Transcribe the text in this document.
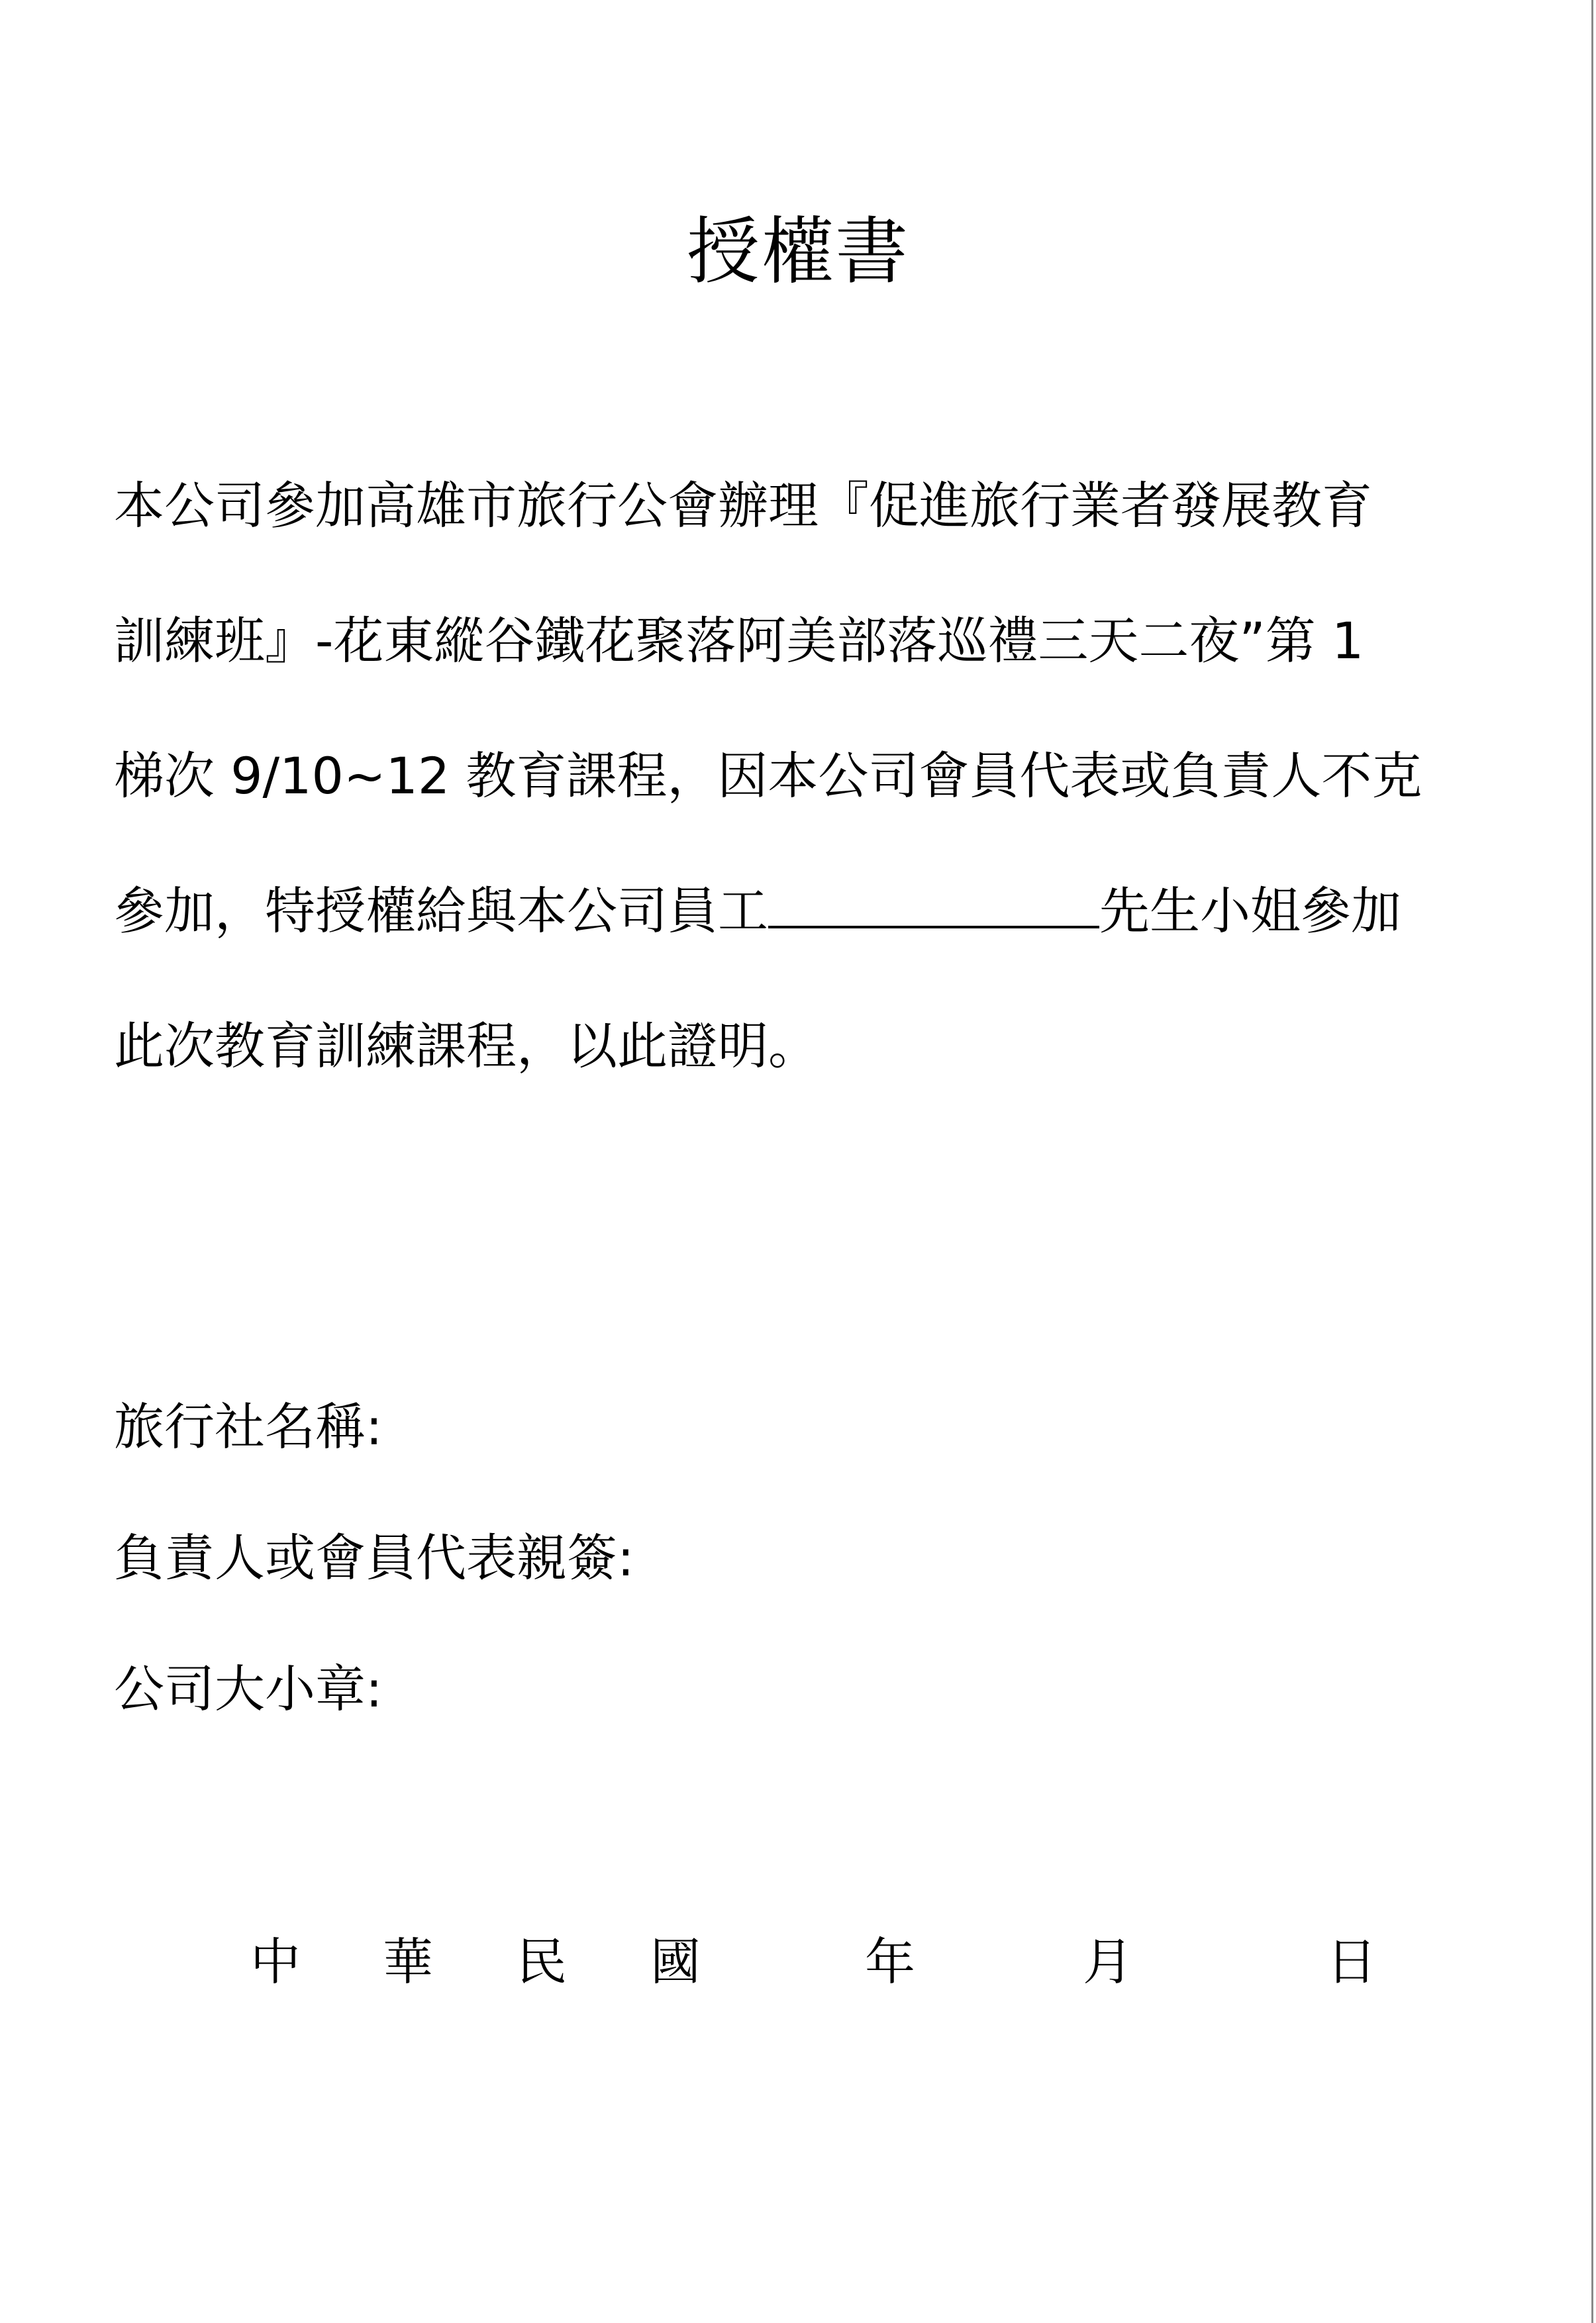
授權書
本公司參加高雄市旅行公會辦理『促進旅行業者發展教育
訓練班』-花東縱谷鐵花聚落阿美部落巡禮三天二夜”第 1
梯次 9/10~12 教育課程，因本公司會員代表或負責人不克
參加，特授權給與本公司員工	先生小姐參加
此次教育訓練課程，以此證明。
旅行社名稱:
負責人或會員代表親簽:
公司大小章:
中 華 民 國	年	月	日
